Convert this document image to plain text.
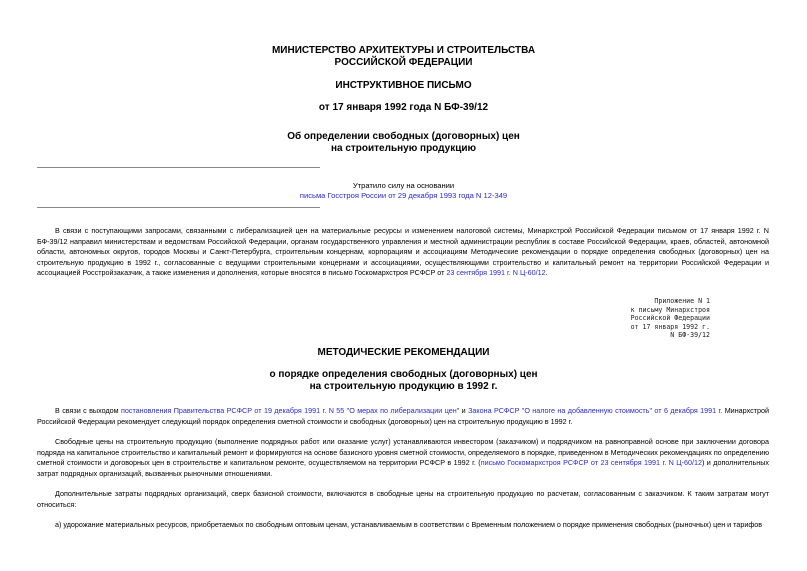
МИНИСТЕРСТВО АРХИТЕКТУРЫ И СТРОИТЕЛЬСТВА
РОССИЙСКОЙ ФЕДЕРАЦИИ
ИНСТРУКТИВНОЕ ПИСЬМО
от 17 января 1992 года N БФ-39/12
Об определении свободных (договорных) цен
на строительную продукцию
Утратило силу на основании
письма Госстроя России от 29 декабря 1993 года N 12-349
В связи с поступающими запросами, связанными с либерализацией цен на материальные ресурсы и изменением налоговой системы, Минархстрой Российской Федерации письмом от 17 января 1992 г. N БФ-39/12 направил министерствам и ведомствам Российской Федерации, органам государственного управления и местной администрации республик в составе Российской Федерации, краев, областей, автономной области, автономных округов, городов Москвы и Санкт-Петербурга, строительным концернам, корпорациям и ассоциациям Методические рекомендации о порядке определения свободных (договорных) цен на строительную продукцию в 1992 г., согласованные с ведущими строительными концернами и ассоциациями, осуществляющими строительство и капитальный ремонт на территории Российской Федерации и ассоциацией Росстройзаказчик, а также изменения и дополнения, которые вносятся в письмо Госкомархстроя РСФСР от 23 сентября 1991 г. N Ц-60/12.
Приложение N 1
к письму Минархстроя
Российской Федерации
от 17 января 1992 г.
N БФ-39/12
МЕТОДИЧЕСКИЕ РЕКОМЕНДАЦИИ
о порядке определения свободных (договорных) цен
на строительную продукцию в 1992 г.
В связи с выходом постановления Правительства РСФСР от 19 декабря 1991 г. N 55 "О мерах по либерализации цен" и Закона РСФСР "О налоге на добавленную стоимость" от 6 декабря 1991 г. Минархстрой Российской Федерации рекомендует следующий порядок определения сметной стоимости и свободных (договорных) цен на строительную продукцию в 1992 г.
Свободные цены на строительную продукцию (выполнение подрядных работ или оказание услуг) устанавливаются инвестором (заказчиком) и подрядчиком на равноправной основе при заключении договора подряда на капитальное строительство и капитальный ремонт и формируются на основе базисного уровня сметной стоимости, определяемого в порядке, приведенном в Методических рекомендациях по определению сметной стоимости и договорных цен в строительстве и капитальном ремонте, осуществляемом на территории РСФСР в 1992 г. (письмо Госкомархстроя РСФСР от 23 сентября 1991 г. N Ц-60/12) и дополнительных затрат подрядных организаций, вызванных рыночными отношениями.
Дополнительные затраты подрядных организаций, сверх базисной стоимости, включаются в свободные цены на строительную продукцию по расчетам, согласованным с заказчиком. К таким затратам могут относиться:
а) удорожание материальных ресурсов, приобретаемых по свободным оптовым ценам, устанавливаемым в соответствии с Временным положением о порядке применения свободных (рыночных) цен и тарифов
